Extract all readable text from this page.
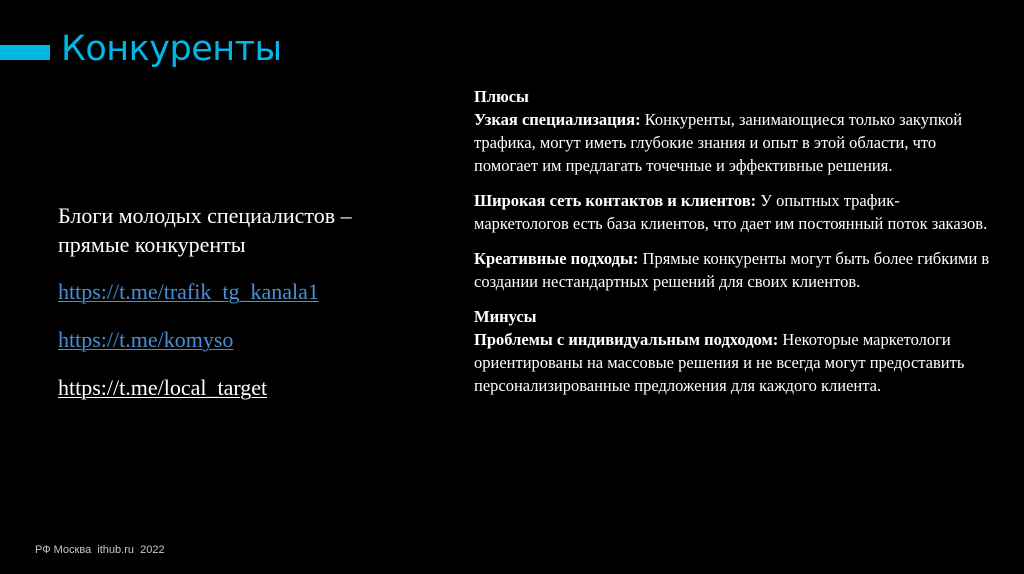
Конкуренты

Блоги молодых специалистов – прямые конкуренты

https://t.me/trafik_tg_kanala1
https://t.me/komyso
https://t.me/local_target

Плюсы

Узкая специализация: Конкуренты, занимающиеся только закупкой трафика, могут иметь глубокие знания и опыт в этой области, что помогает им предлагать точечные и эффективные решения.

Широкая сеть контактов и клиентов: У опытных трафик-маркетологов есть база клиентов, что дает им постоянный поток заказов.

Креативные подходы: Прямые конкуренты могут быть более гибкими в создании нестандартных решений для своих клиентов.

Минусы

Проблемы с индивидуальным подходом: Некоторые маркетологи ориентированы на массовые решения и не всегда могут предоставить персонализированные предложения для каждого клиента.

РФ Москва  ithub.ru  2022
